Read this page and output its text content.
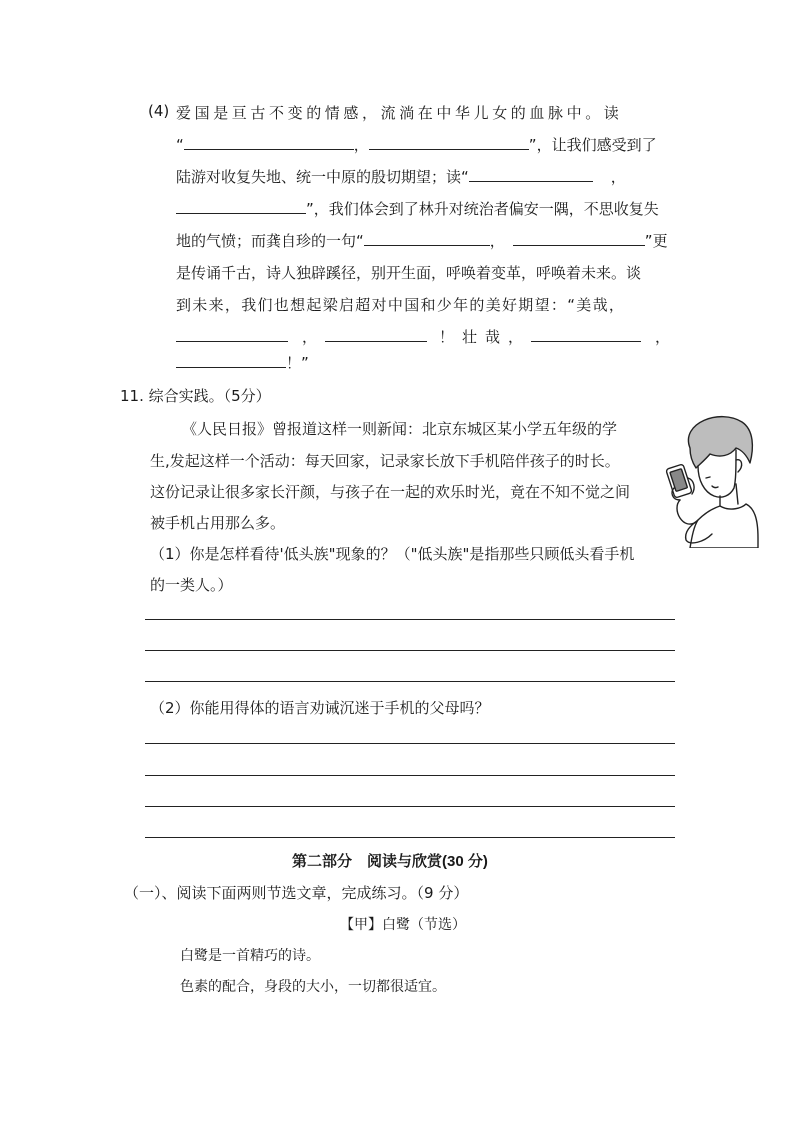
(4) 爱国是亘古不变的情感，流淌在中华儿女的血脉中。读
“	，	”，让我们感受到了
陆游对收复失地、统一中原的殷切期望；读“	，
”，我们体会到了林升对统治者偏安一隅，不思收复失
地的气愤；而龚自珍的一句“	，	”更
是传诵千古，诗人独辟蹊径，别开生面，呼唤着变革，呼唤着未来。谈
到未来，我们也想起梁启超对中国和少年的美好期望：“美哉，
，	！壮哉，	，
！”
11. 综合实践。（5分）
《人民日报》曾报道这样一则新闻：北京东城区某小学五年级的学
生,发起这样一个活动：每天回家，记录家长放下手机陪伴孩子的时长。
这份记录让很多家长汗颜，与孩子在一起的欢乐时光，竟在不知不觉之间
被手机占用那么多。
（1）你是怎样看待'低头族"现象的？（"低头族"是指那些只顾低头看手机
的一类人。）
（2）你能用得体的语言劝诫沉迷于手机的父母吗？
第二部分　阅读与欣赏(30 分)
（一）、阅读下面两则节选文章，完成练习。（9 分）
【甲】白鹭（节选）
白鹭是一首精巧的诗。
色素的配合，身段的大小，一切都很适宜。
